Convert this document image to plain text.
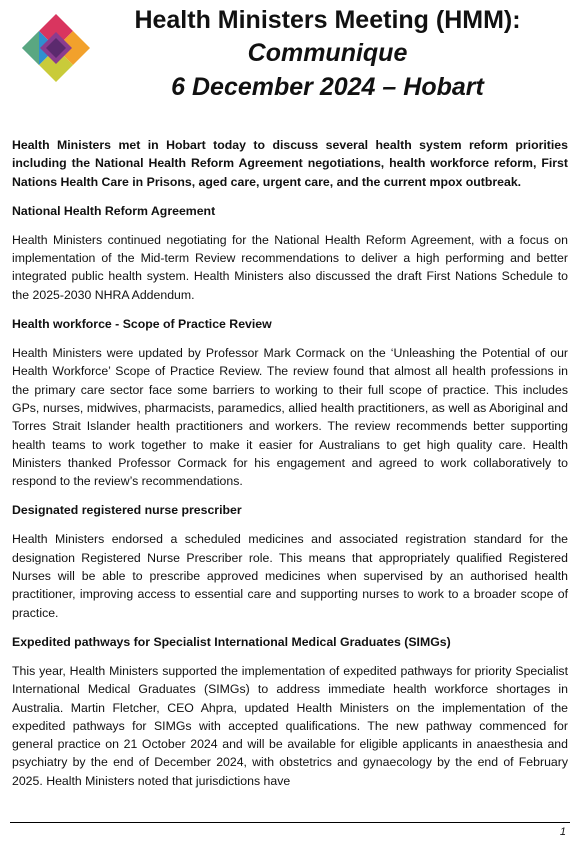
Health Ministers Meeting (HMM):
Communique
6 December 2024 – Hobart

Health Ministers met in Hobart today to discuss several health system reform priorities including the National Health Reform Agreement negotiations, health workforce reform, First Nations Health Care in Prisons, aged care, urgent care, and the current mpox outbreak.

National Health Reform Agreement

Health Ministers continued negotiating for the National Health Reform Agreement, with a focus on implementation of the Mid-term Review recommendations to deliver a high performing and better integrated public health system. Health Ministers also discussed the draft First Nations Schedule to the 2025-2030 NHRA Addendum.

Health workforce - Scope of Practice Review

Health Ministers were updated by Professor Mark Cormack on the ‘Unleashing the Potential of our Health Workforce’ Scope of Practice Review. The review found that almost all health professions in the primary care sector face some barriers to working to their full scope of practice. This includes GPs, nurses, midwives, pharmacists, paramedics, allied health practitioners, as well as Aboriginal and Torres Strait Islander health practitioners and workers. The review recommends better supporting health teams to work together to make it easier for Australians to get high quality care. Health Ministers thanked Professor Cormack for his engagement and agreed to work collaboratively to respond to the review’s recommendations.

Designated registered nurse prescriber

Health Ministers endorsed a scheduled medicines and associated registration standard for the designation Registered Nurse Prescriber role. This means that appropriately qualified Registered Nurses will be able to prescribe approved medicines when supervised by an authorised health practitioner, improving access to essential care and supporting nurses to work to a broader scope of practice.

Expedited pathways for Specialist International Medical Graduates (SIMGs)

This year, Health Ministers supported the implementation of expedited pathways for priority Specialist International Medical Graduates (SIMGs) to address immediate health workforce shortages in Australia. Martin Fletcher, CEO Ahpra, updated Health Ministers on the implementation of the expedited pathways for SIMGs with accepted qualifications. The new pathway commenced for general practice on 21 October 2024 and will be available for eligible applicants in anaesthesia and psychiatry by the end of December 2024, with obstetrics and gynaecology by the end of February 2025. Health Ministers noted that jurisdictions have

1
